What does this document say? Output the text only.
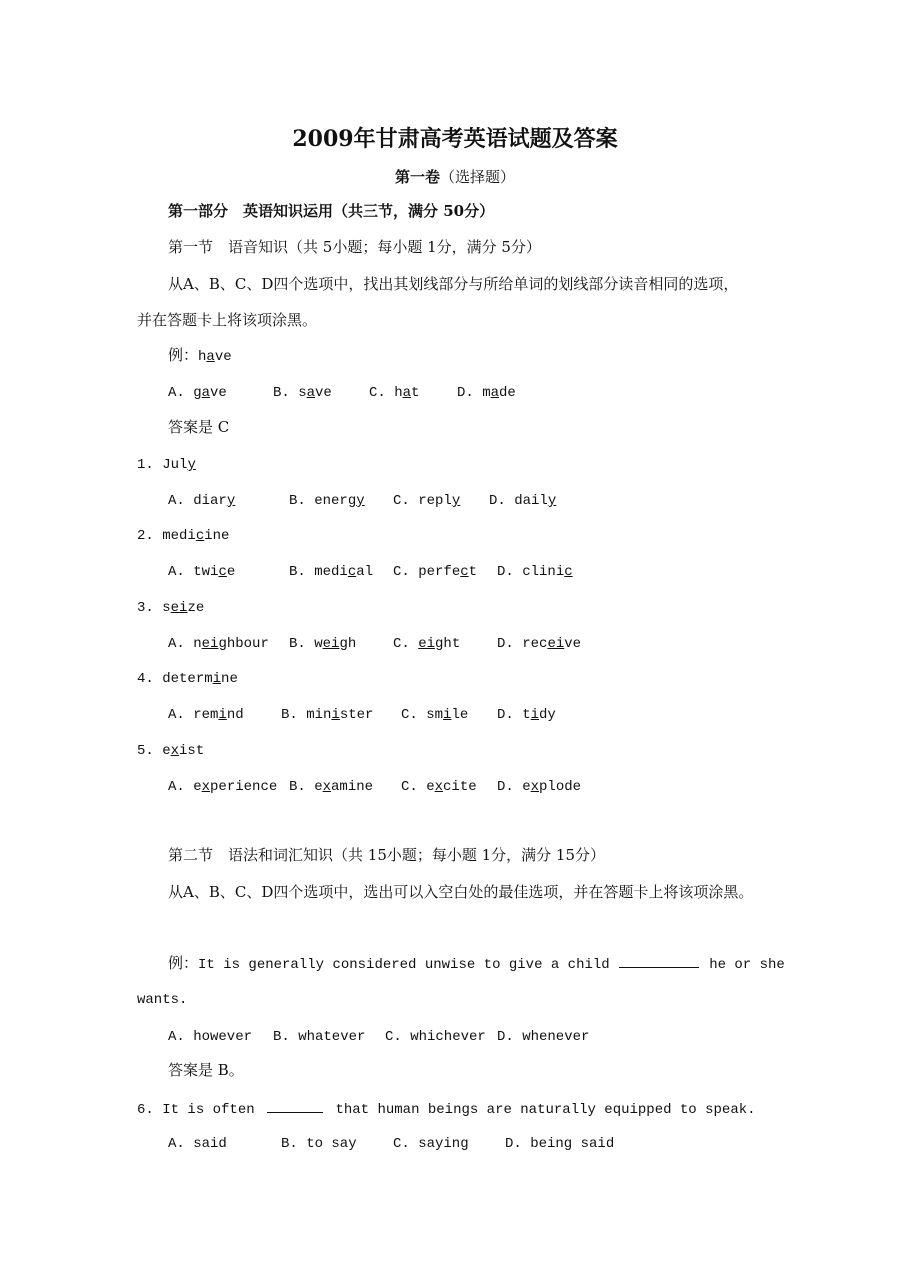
2009年甘肃高考英语试题及答案
第一卷（选择题）
第一部分　英语知识运用（共三节，满分 50分）
第一节　语音知识（共 5小题；每小题 1分，满分 5分）
从A、B、C、D四个选项中，找出其划线部分与所给单词的划线部分读音相同的选项，
并在答题卡上将该项涂黑。
例：have
A. gave	B. save	C. hat	D. made
答案是 C
1. July
A. diary	B. energy C. reply D. daily
2. medicine
A. twice	B. medical C. perfect D. clinic
3. seize
A. neighbour B. weigh	C. eight	D. receive
4. determine
A. remind	B. minister C. smile D. tidy
5. exist
A. experience B. examine C. excite D. explode
第二节　语法和词汇知识（共 15小题；每小题 1分，满分 15分）
从A、B、C、D四个选项中，选出可以入空白处的最佳选项，并在答题卡上将该项涂黑。
例：It is generally considered unwise to give a child	he or she
wants.
A. however B. whatever C. whichever D. whenever
答案是 B。
6. It is often	that human beings are naturally equipped to speak.
A. said	B. to say	C. saying	D. being said
